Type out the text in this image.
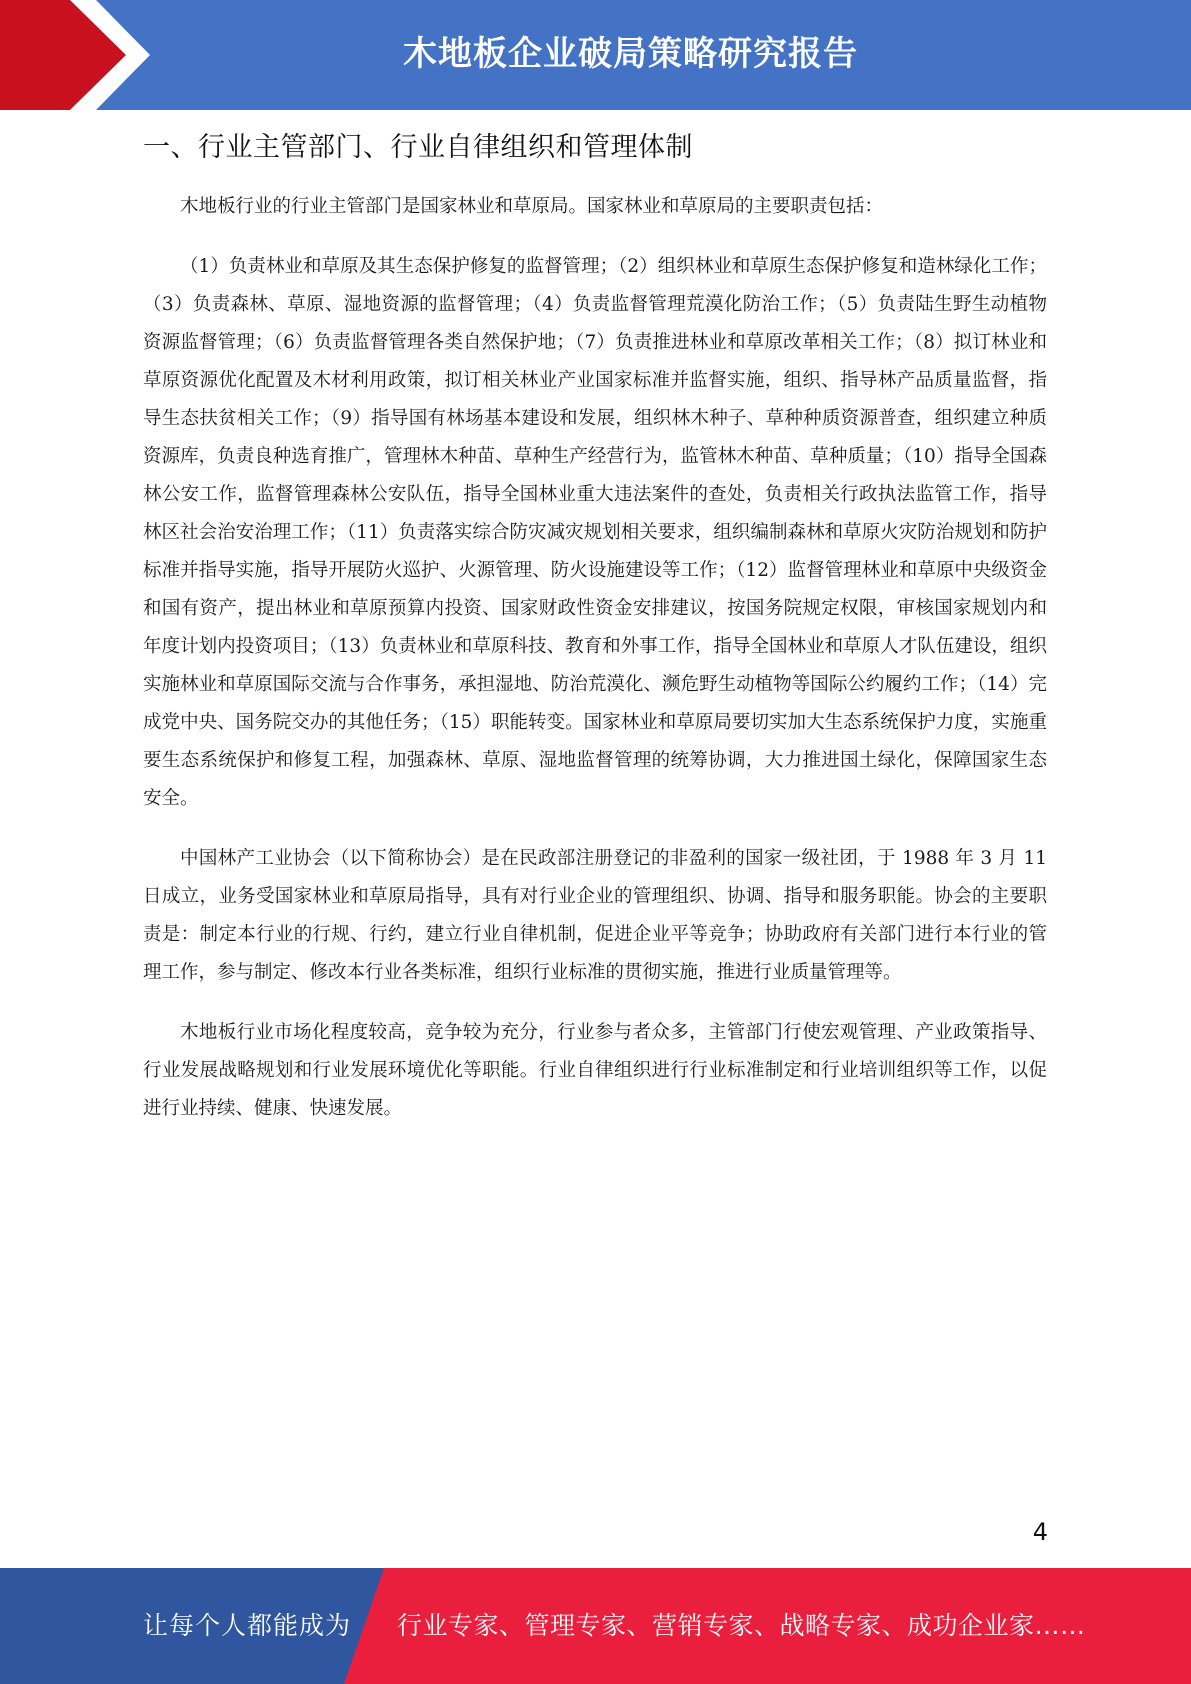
木地板企业破局策略研究报告
一、行业主管部门、行业自律组织和管理体制

木地板行业的行业主管部门是国家林业和草原局。国家林业和草原局的主要职责包括：

（1）负责林业和草原及其生态保护修复的监督管理；（2）组织林业和草原生态保护修复和造林绿化工作；（3）负责森林、草原、湿地资源的监督管理；（4）负责监督管理荒漠化防治工作；（5）负责陆生野生动植物资源监督管理；（6）负责监督管理各类自然保护地；（7）负责推进林业和草原改革相关工作；（8）拟订林业和草原资源优化配置及木材利用政策，拟订相关林业产业国家标准并监督实施，组织、指导林产品质量监督，指导生态扶贫相关工作；（9）指导国有林场基本建设和发展，组织林木种子、草种种质资源普查，组织建立种质资源库，负责良种选育推广，管理林木种苗、草种生产经营行为，监管林木种苗、草种质量；（10）指导全国森林公安工作，监督管理森林公安队伍，指导全国林业重大违法案件的查处，负责相关行政执法监管工作，指导林区社会治安治理工作；（11）负责落实综合防灾减灾规划相关要求，组织编制森林和草原火灾防治规划和防护标准并指导实施，指导开展防火巡护、火源管理、防火设施建设等工作；（12）监督管理林业和草原中央级资金和国有资产，提出林业和草原预算内投资、国家财政性资金安排建议，按国务院规定权限，审核国家规划内和年度计划内投资项目；（13）负责林业和草原科技、教育和外事工作，指导全国林业和草原人才队伍建设，组织实施林业和草原国际交流与合作事务，承担湿地、防治荒漠化、濒危野生动植物等国际公约履约工作；（14）完成党中央、国务院交办的其他任务；（15）职能转变。国家林业和草原局要切实加大生态系统保护力度，实施重要生态系统保护和修复工程，加强森林、草原、湿地监督管理的统筹协调，大力推进国土绿化，保障国家生态安全。

中国林产工业协会（以下简称协会）是在民政部注册登记的非盈利的国家一级社团，于 1988 年 3 月 11 日成立，业务受国家林业和草原局指导，具有对行业企业的管理组织、协调、指导和服务职能。协会的主要职责是：制定本行业的行规、行约，建立行业自律机制，促进企业平等竞争；协助政府有关部门进行本行业的管理工作，参与制定、修改本行业各类标准，组织行业标准的贯彻实施，推进行业质量管理等。

木地板行业市场化程度较高，竞争较为充分，行业参与者众多，主管部门行使宏观管理、产业政策指导、行业发展战略规划和行业发展环境优化等职能。行业自律组织进行行业标准制定和行业培训组织等工作，以促进行业持续、健康、快速发展。

4
让每个人都能成为 行业专家、管理专家、营销专家、战略专家、成功企业家……
